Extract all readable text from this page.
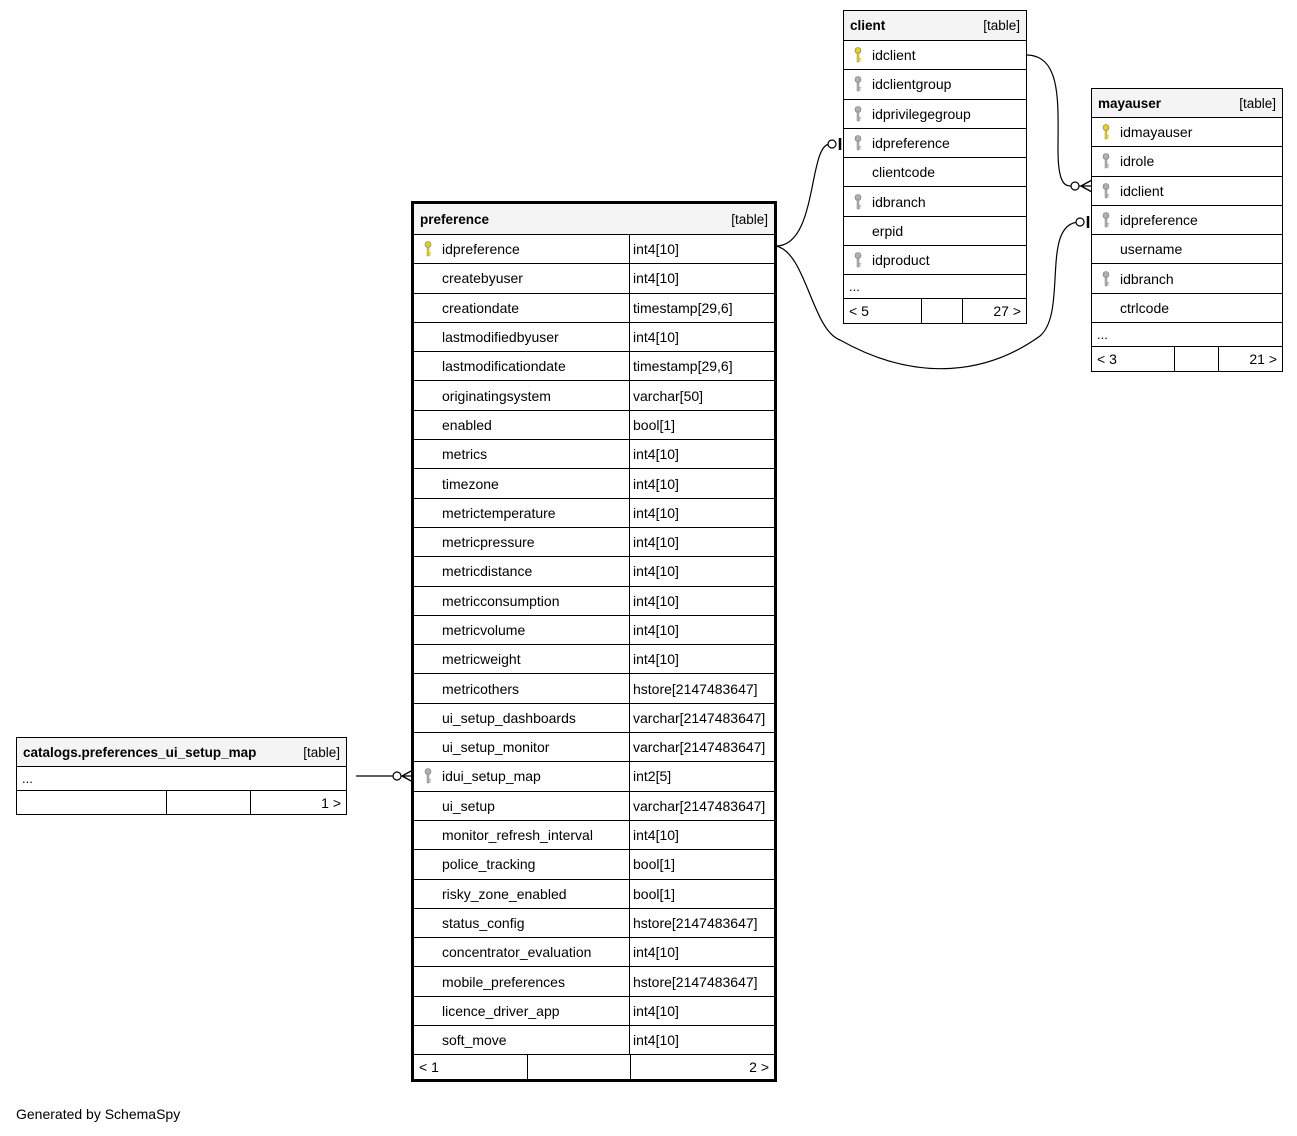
client	[table]
idclient
idclientgroup
idprivilegegroup
idpreference
clientcode
idbranch
erpid
idproduct
...
< 5	27 >
mayauser	[table]
idmayauser
idrole
idclient
idpreference
username
idbranch
ctrlcode
...
< 3	21 >
preference	[table]
idpreference	int4[10]
createbyuser	int4[10]
creationdate	timestamp[29,6]
lastmodifiedbyuser	int4[10]
lastmodificationdate	timestamp[29,6]
originatingsystem	varchar[50]
enabled	bool[1]
metrics	int4[10]
timezone	int4[10]
metrictemperature	int4[10]
metricpressure	int4[10]
metricdistance	int4[10]
metricconsumption	int4[10]
metricvolume	int4[10]
metricweight	int4[10]
metricothers	hstore[2147483647]
ui_setup_dashboards	varchar[2147483647]
ui_setup_monitor	varchar[2147483647]
idui_setup_map	int2[5]
ui_setup	varchar[2147483647]
monitor_refresh_interval	int4[10]
police_tracking	bool[1]
risky_zone_enabled	bool[1]
status_config	hstore[2147483647]
concentrator_evaluation	int4[10]
mobile_preferences	hstore[2147483647]
licence_driver_app	int4[10]
soft_move	int4[10]
< 1	2 >
catalogs.preferences_ui_setup_map	[table]
...
1 >
Generated by SchemaSpy
